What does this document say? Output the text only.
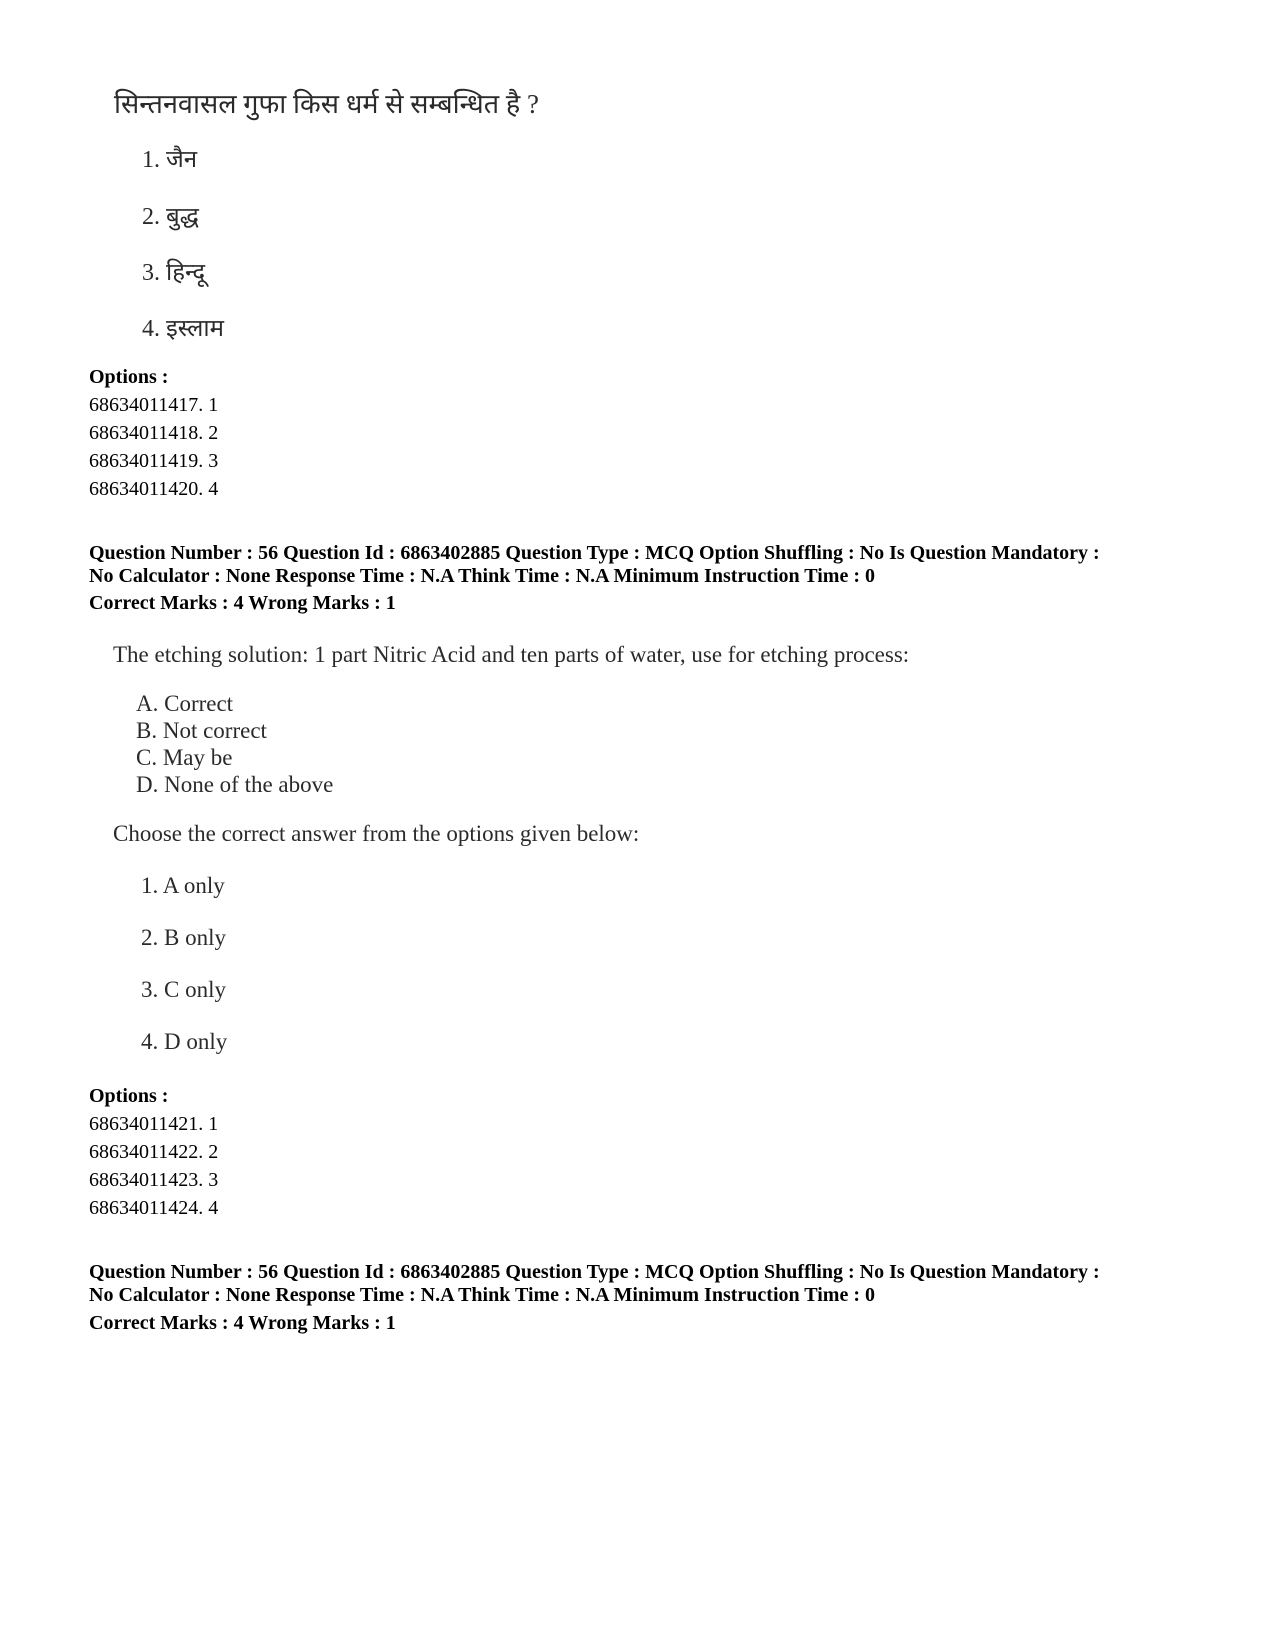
सिन्तनवासल गुफा किस धर्म से सम्बन्धित है ?
1. जैन
2. बुद्ध
3. हिन्दू
4. इस्लाम
Options :
68634011417. 1
68634011418. 2
68634011419. 3
68634011420. 4
Question Number : 56 Question Id : 6863402885 Question Type : MCQ Option Shuffling : No Is Question Mandatory :
No Calculator : None Response Time : N.A Think Time : N.A Minimum Instruction Time : 0
Correct Marks : 4 Wrong Marks : 1
The etching solution: 1 part Nitric Acid and ten parts of water, use for etching process:
A. Correct
B. Not correct
C. May be
D. None of the above
Choose the correct answer from the options given below:
1. A only
2. B only
3. C only
4. D only
Options :
68634011421. 1
68634011422. 2
68634011423. 3
68634011424. 4
Question Number : 56 Question Id : 6863402885 Question Type : MCQ Option Shuffling : No Is Question Mandatory :
No Calculator : None Response Time : N.A Think Time : N.A Minimum Instruction Time : 0
Correct Marks : 4 Wrong Marks : 1
